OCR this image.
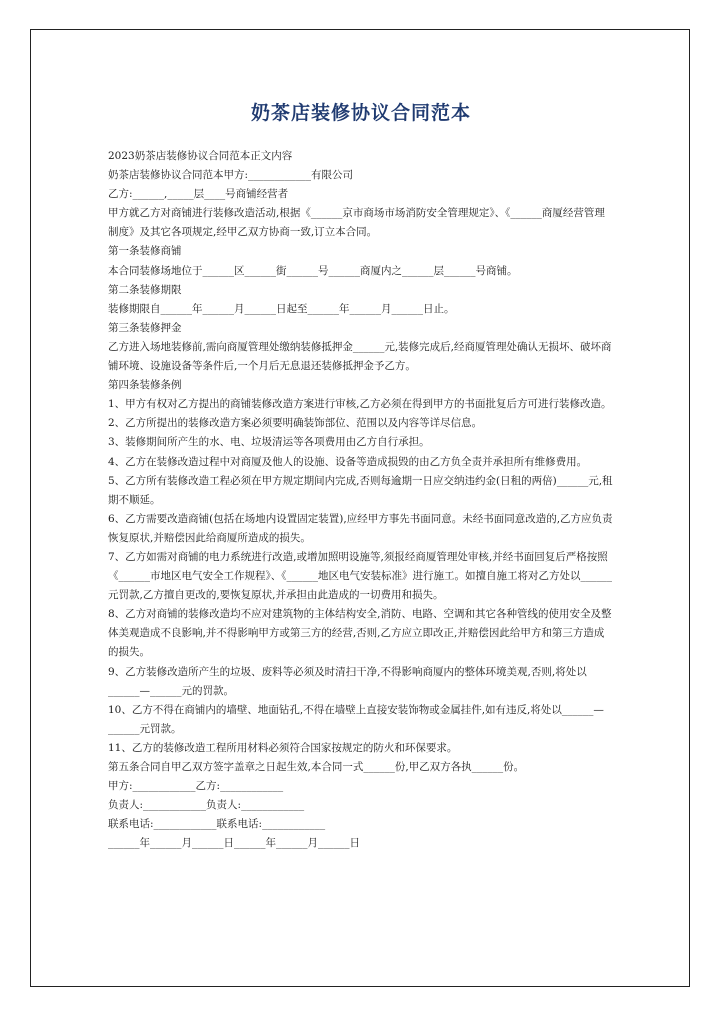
奶茶店装修协议合同范本

2023奶茶店装修协议合同范本正文内容

奶茶店装修协议合同范本甲方:____________有限公司

乙方:______,_____层____号商铺经营者

甲方就乙方对商铺进行装修改造活动,根据《______京市商场市场消防安全管理规定》、《______商厦经营管理制度》及其它各项规定,经甲乙双方协商一致,订立本合同。

第一条装修商铺

本合同装修场地位于______区______街______号______商厦内之______层______号商铺。

第二条装修期限

装修期限自______年______月______日起至______年______月______日止。

第三条装修押金

乙方进入场地装修前,需向商厦管理处缴纳装修抵押金______元,装修完成后,经商厦管理处确认无损坏、破坏商铺环境、设施设备等条件后,一个月后无息退还装修抵押金予乙方。

第四条装修条例

1、甲方有权对乙方提出的商铺装修改造方案进行审核,乙方必须在得到甲方的书面批复后方可进行装修改造。

2、乙方所提出的装修改造方案必须要明确装饰部位、范围以及内容等详尽信息。

3、装修期间所产生的水、电、垃圾清运等各项费用由乙方自行承担。

4、乙方在装修改造过程中对商厦及他人的设施、设备等造成损毁的由乙方负全责并承担所有维修费用。

5、乙方所有装修改造工程必须在甲方规定期间内完成,否则每逾期一日应交纳违约金(日租的两倍)______元,租期不顺延。

6、乙方需要改造商铺(包括在场地内设置固定装置),应经甲方事先书面同意。未经书面同意改造的,乙方应负责恢复原状,并赔偿因此给商厦所造成的损失。

7、乙方如需对商铺的电力系统进行改造,或增加照明设施等,须报经商厦管理处审核,并经书面回复后严格按照《______市地区电气安全工作规程》、《______地区电气安装标准》进行施工。如擅自施工将对乙方处以______元罚款,乙方擅自更改的,要恢复原状,并承担由此造成的一切费用和损失。

8、乙方对商铺的装修改造均不应对建筑物的主体结构安全,消防、电路、空调和其它各种管线的使用安全及整体美观造成不良影响,并不得影响甲方或第三方的经营,否则,乙方应立即改正,并赔偿因此给甲方和第三方造成的损失。

9、乙方装修改造所产生的垃圾、废料等必须及时清扫干净,不得影响商厦内的整体环境美观,否则,将处以______—______元的罚款。

10、乙方不得在商铺内的墙壁、地面钻孔,不得在墙壁上直接安装饰物或金属挂件,如有违反,将处以______—______元罚款。

11、乙方的装修改造工程所用材料必须符合国家按规定的防火和环保要求。

第五条合同自甲乙双方签字盖章之日起生效,本合同一式______份,甲乙双方各执______份。

甲方:____________乙方:____________

负责人:____________负责人:____________

联系电话:____________联系电话:____________

______年______月______日______年______月______日
